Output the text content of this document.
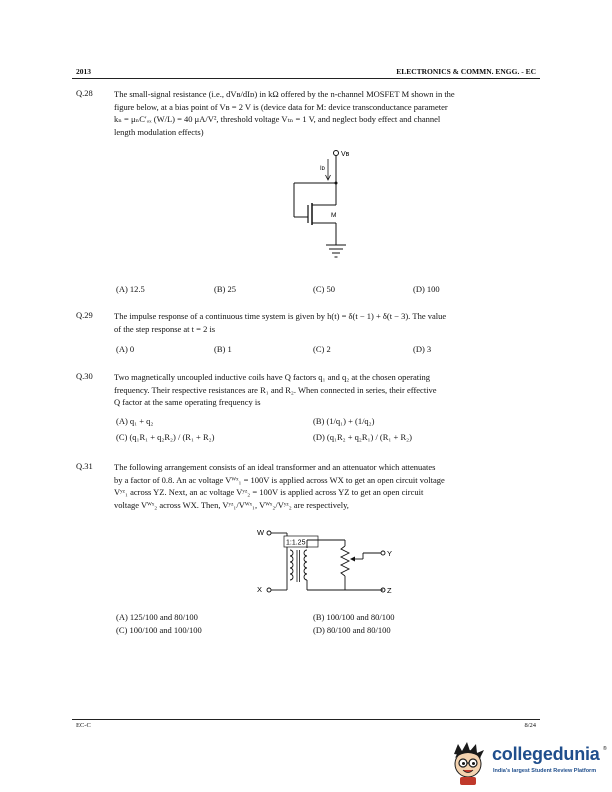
2013	ELECTRONICS & COMMN. ENGG. - EC
Q.28 The small-signal resistance (i.e., dVʙ/dIᴅ) in kΩ offered by the n-channel MOSFET M shown in the
figure below, at a bias point of Vʙ = 2 V is (device data for M: device transconductance parameter
kₙ = μₙC′ₒₓ (W/L) = 40 μA/V², threshold voltage Vₜₙ = 1 V, and neglect body effect and channel
length modulation effects)
Vʙ
Iᴅ
M
(A) 12.5	(B) 25	(C) 50	(D) 100
Q.29 The impulse response of a continuous time system is given by h(t) = δ(t − 1) + δ(t − 3). The value
of the step response at t = 2 is
(A) 0	(B) 1	(C) 2	(D) 3
Q.30 Two magnetically uncoupled inductive coils have Q factors q₁ and q₂ at the chosen operating
frequency. Their respective resistances are R₁ and R₂. When connected in series, their effective
Q factor at the same operating frequency is
(A) q₁ + q₂	(B) (1/q₁) + (1/q₂)
(C) (q₁R₁ + q₂R₂) / (R₁ + R₂)	(D) (q₁R₂ + q₂R₁) / (R₁ + R₂)
Q.31 The following arrangement consists of an ideal transformer and an attenuator which attenuates
by a factor of 0.8. An ac voltage Vᵂˣ₁ = 100V is applied across WX to get an open circuit voltage
Vʸᶻ₁ across YZ. Next, an ac voltage Vʸᶻ₂ = 100V is applied across YZ to get an open circuit
voltage Vᵂˣ₂ across WX. Then, Vʸᶻ₁/Vᵂˣ₁, Vᵂˣ₂/Vʸᶻ₂ are respectively,
W
X
1:1.25
Y
Z
(A) 125/100 and 80/100	(B) 100/100 and 80/100
(C) 100/100 and 100/100	(D) 80/100 and 80/100
EC-C	8/24
collegedunia ®
India's largest Student Review Platform
